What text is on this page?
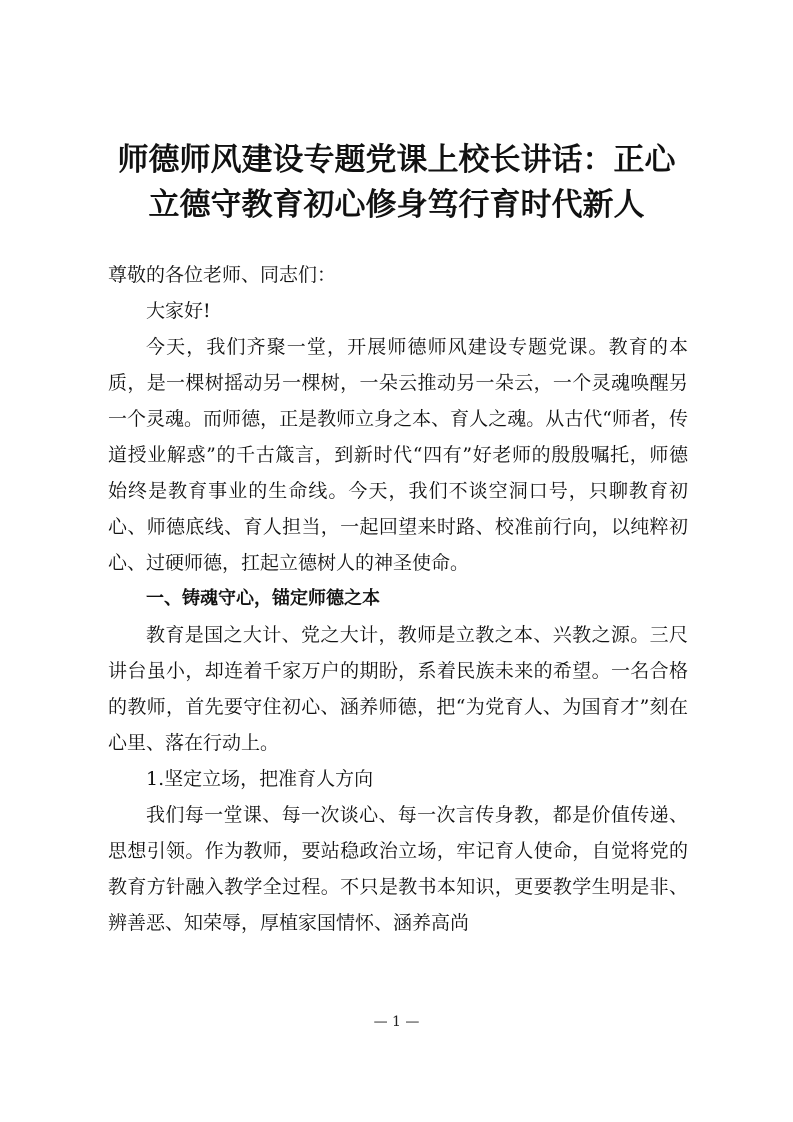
师德师风建设专题党课上校长讲话：正心
立德守教育初心修身笃行育时代新人

尊敬的各位老师、同志们：

大家好!

今天，我们齐聚一堂，开展师德师风建设专题党课。教育的本质，是一棵树摇动另一棵树，一朵云推动另一朵云，一个灵魂唤醒另一个灵魂。而师德，正是教师立身之本、育人之魂。从古代“师者，传道授业解惑”的千古箴言，到新时代“四有”好老师的殷殷嘱托，师德始终是教育事业的生命线。今天，我们不谈空洞口号，只聊教育初心、师德底线、育人担当，一起回望来时路、校准前行向，以纯粹初心、过硬师德，扛起立德树人的神圣使命。

一、铸魂守心，锚定师德之本

教育是国之大计、党之大计，教师是立教之本、兴教之源。三尺讲台虽小，却连着千家万户的期盼，系着民族未来的希望。一名合格的教师，首先要守住初心、涵养师德，把“为党育人、为国育才”刻在心里、落在行动上。

1.坚定立场，把准育人方向

我们每一堂课、每一次谈心、每一次言传身教，都是价值传递、思想引领。作为教师，要站稳政治立场，牢记育人使命，自觉将党的教育方针融入教学全过程。不只是教书本知识，更要教学生明是非、辨善恶、知荣辱，厚植家国情怀、涵养高尚

— 1 —
